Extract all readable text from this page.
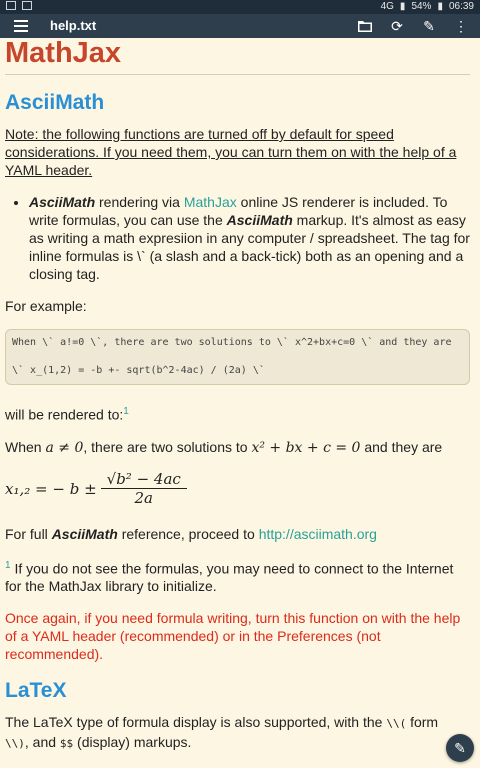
4G ▮ 54% ▮ 06:39
help.txt	⟳ ✎ ⋮
MathJax
AsciiMath

Note: the following functions are turned off by default for speed considerations. If you need them, you can turn them on with the help of a YAML header.

• AsciiMath rendering via MathJax online JS renderer is included. To write formulas, you can use the AsciiMath markup. It's almost as easy as writing a math expresiion in any computer / spreadsheet. The tag for inline formulas is \` (a slash and a back-tick) both as an opening and a closing tag.

For example:

When \` a!=0 \`, there are two solutions to \` x^2+bx+c=0 \` and they are

\` x_(1,2) = -b +- sqrt(b^2-4ac) / (2a) \`

will be rendered to:$^1$

When a ≠ 0, there are two solutions to x² + bx + c = 0 and they are

x₁,₂ = − $b \pm \frac{\text{√b² − 4ac}}{2a}$

For full AsciiMath reference, proceed to http://asciimath.org

$^1$ If you do not see the formulas, you may need to connect to the Internet for the MathJax library to initialize.

Once again, if you need formula writing, turn this function on with the help of a YAML header (recommended) or in the Preferences (not recommended).

LaTeX

The LaTeX type of formula display is also supported, with the \\( form
\\), and $$ (display) markups.	✎
